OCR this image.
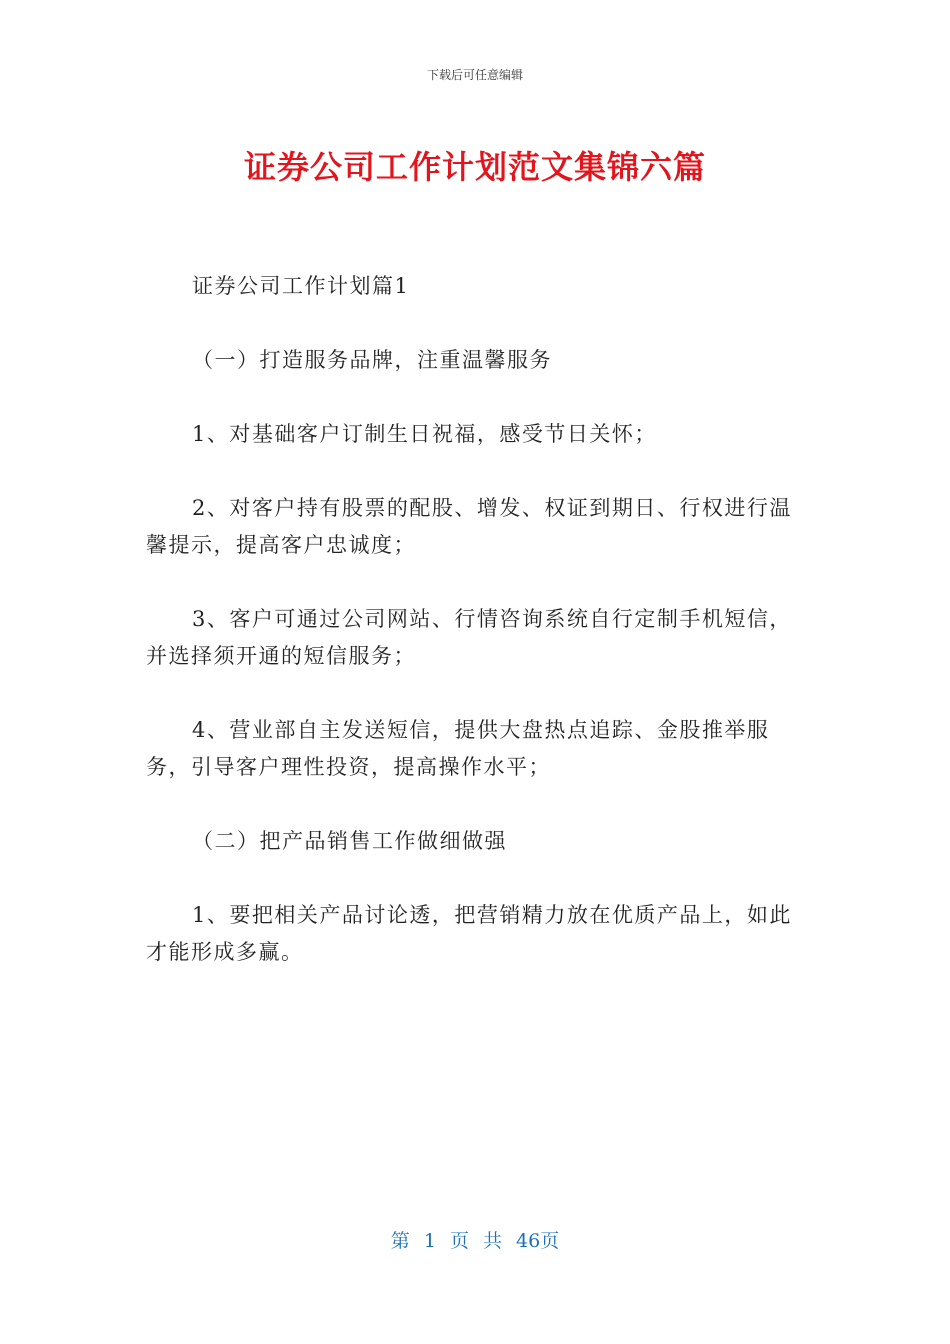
下载后可任意编辑
证券公司工作计划范文集锦六篇

证券公司工作计划篇1

（一）打造服务品牌，注重温馨服务

1、对基础客户订制生日祝福，感受节日关怀；

2、对客户持有股票的配股、增发、权证到期日、行权进行温馨提示，提高客户忠诚度；

3、客户可通过公司网站、行情咨询系统自行定制手机短信，并选择须开通的短信服务；

4、营业部自主发送短信，提供大盘热点追踪、金股推举服务，引导客户理性投资，提高操作水平；

（二）把产品销售工作做细做强

1、要把相关产品讨论透，把营销精力放在优质产品上，如此才能形成多赢。

第 1 页 共 46页
